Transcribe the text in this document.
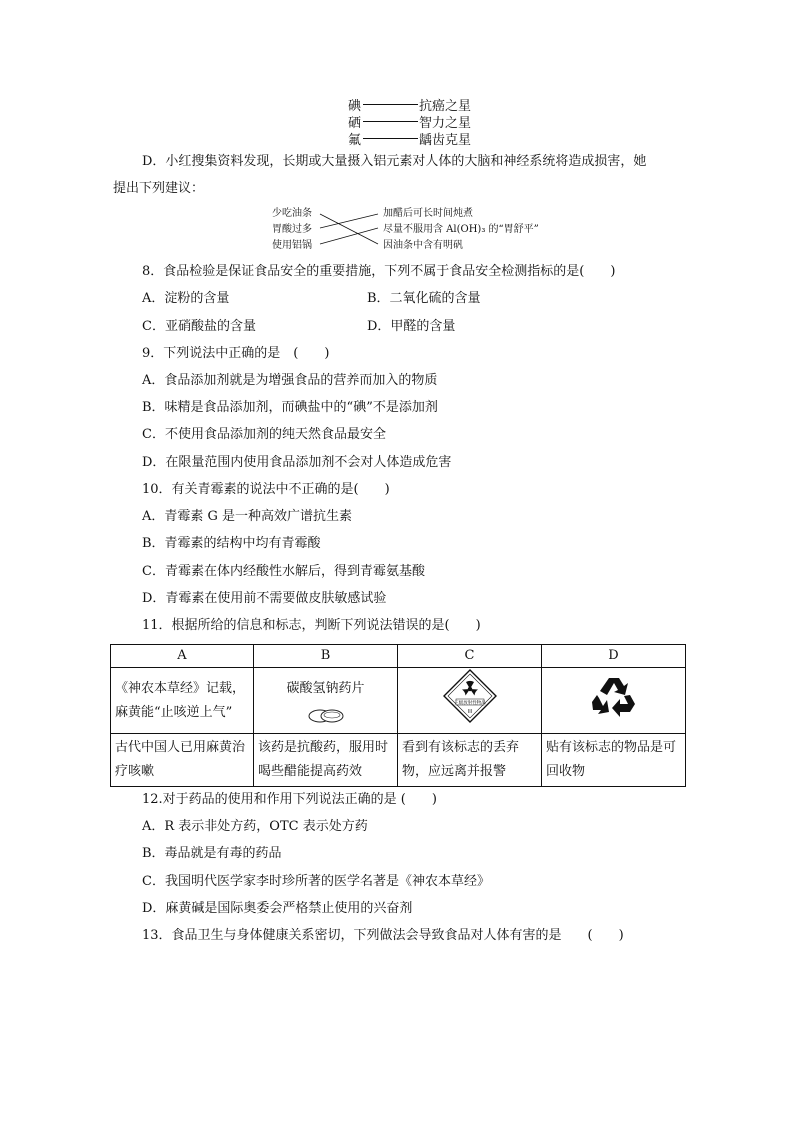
碘	抗癌之星
硒	智力之星
氟	龋齿克星
D．小红搜集资料发现，长期或大量摄入铝元素对人体的大脑和神经系统将造成损害，她
提出下列建议：
少吃油条
胃酸过多
使用铝锅
加醋后可长时间炖煮
尽量不服用含 Al(OH)₃ 的“胃舒平”
因油条中含有明矾
8．食品检验是保证食品安全的重要措施，下列不属于食品安全检测指标的是(　　)
A．淀粉的含量	B．二氧化硫的含量
C．亚硝酸盐的含量	D．甲醛的含量
9．下列说法中正确的是　(　　)
A．食品添加剂就是为增强食品的营养而加入的物质
B．味精是食品添加剂，而碘盐中的“碘”不是添加剂
C．不使用食品添加剂的纯天然食品最安全
D．在限量范围内使用食品添加剂不会对人体造成危害
10．有关青霉素的说法中不正确的是(　　)
A．青霉素 G 是一种高效广谱抗生素
B．青霉素的结构中均有青霉酸
C．青霉素在体内经酸性水解后，得到青霉氨基酸
D．青霉素在使用前不需要做皮肤敏感试验
11．根据所给的信息和标志，判断下列说法错误的是(　　)
A	B	C	D
《神农本草经》记载，麻黄能“止咳逆上气”	碳酸氢钠药片	三级放射性物品
III

古代中国人已用麻黄治疗咳嗽	该药是抗酸药，服用时喝些醋能提高药效	看到有该标志的丢弃物，应远离并报警	贴有该标志的物品是可回收物
12.对于药品的使用和作用下列说法正确的是 (　　)
A．R 表示非处方药，OTC 表示处方药
B．毒品就是有毒的药品
C．我国明代医学家李时珍所著的医学名著是《神农本草经》
D．麻黄碱是国际奥委会严格禁止使用的兴奋剂
13．食品卫生与身体健康关系密切，下列做法会导致食品对人体有害的是　　(　　)
